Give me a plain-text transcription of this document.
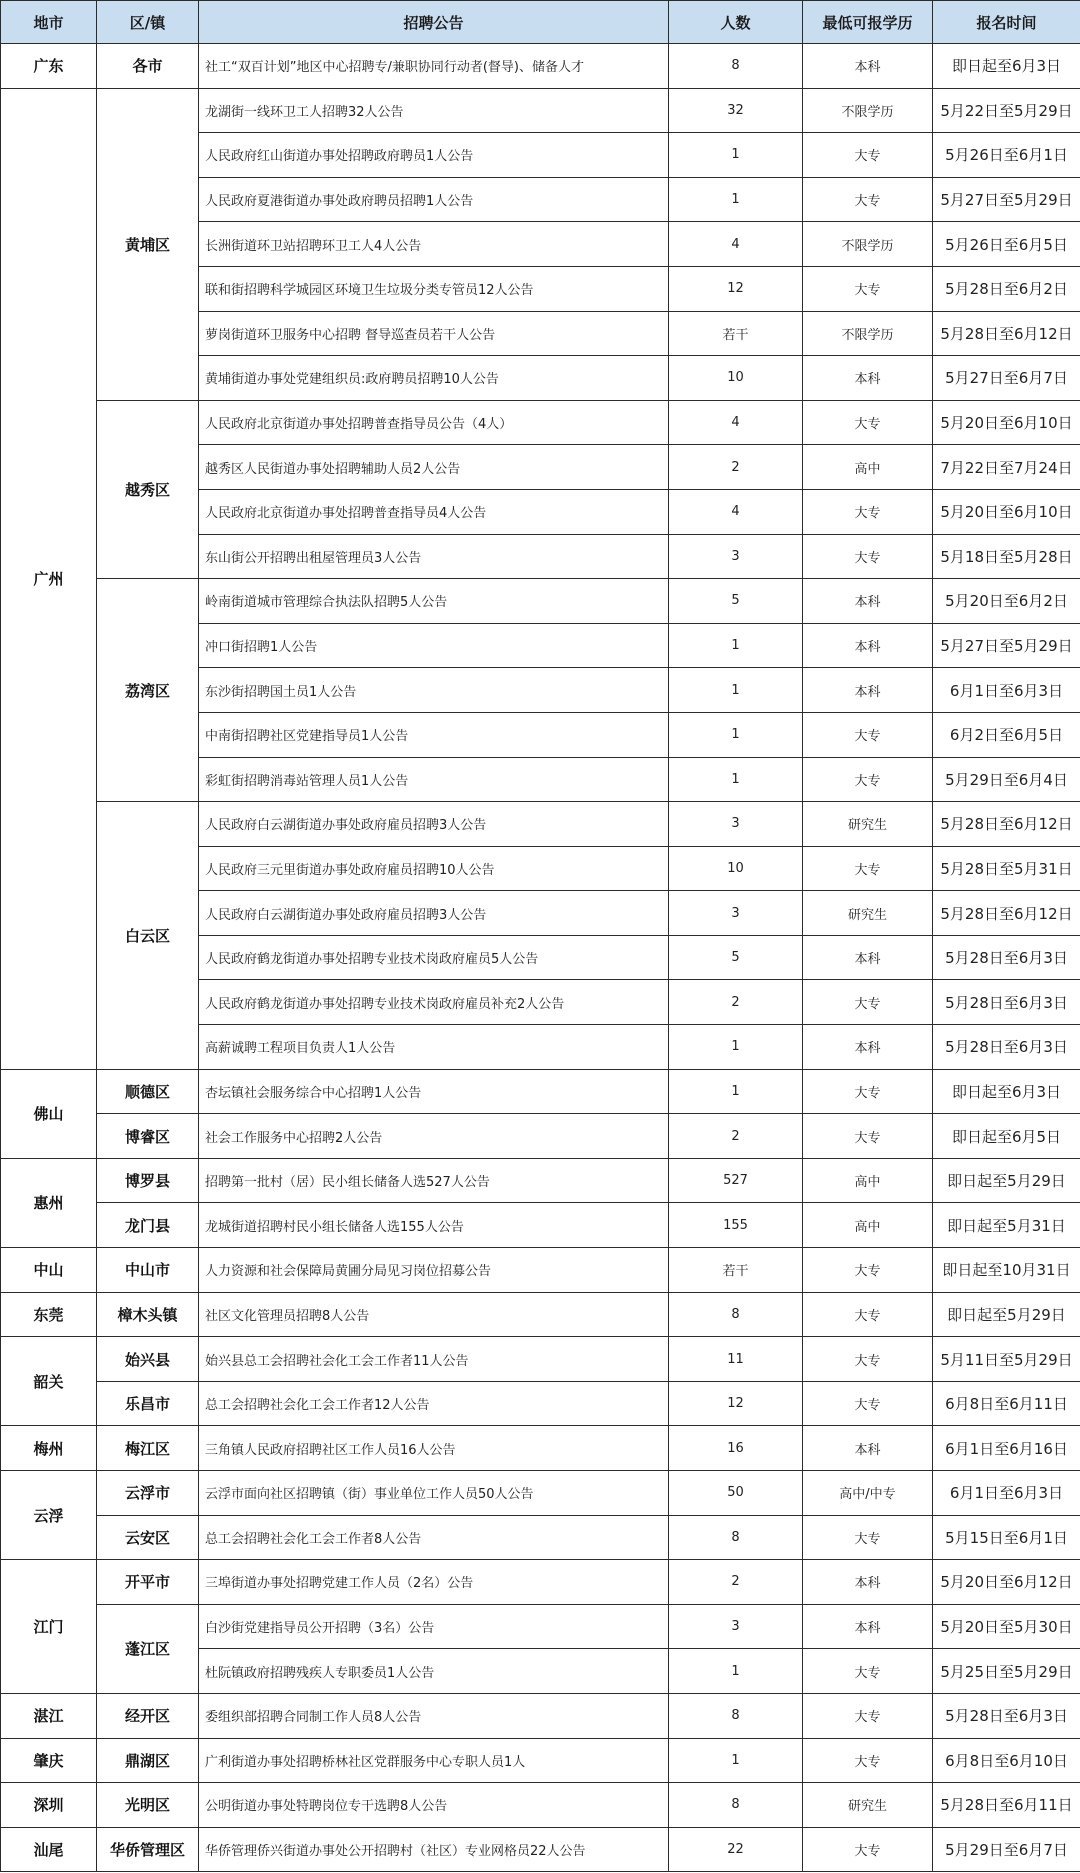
地市	区/镇	招聘公告	人数	最低可报学历	报名时间
广东	各市	社工“双百计划”地区中心招聘专/兼职协同行动者(督导)、储备人才	8	本科	即日起至6月3日
广州	黄埔区	龙湖街一线环卫工人招聘32人公告	32	不限学历	5月22日至5月29日
		人民政府红山街道办事处招聘政府聘员1人公告	1	大专	5月26日至6月1日
		人民政府夏港街道办事处政府聘员招聘1人公告	1	大专	5月27日至5月29日
		长洲街道环卫站招聘环卫工人4人公告	4	不限学历	5月26日至6月5日
		联和街招聘科学城园区环境卫生垃圾分类专管员12人公告	12	大专	5月28日至6月2日
		萝岗街道环卫服务中心招聘 督导巡查员若干人公告	若干	不限学历	5月28日至6月12日
		黄埔街道办事处党建组织员:政府聘员招聘10人公告	10	本科	5月27日至6月7日
	越秀区	人民政府北京街道办事处招聘普查指导员公告（4人）	4	大专	5月20日至6月10日
		越秀区人民街道办事处招聘辅助人员2人公告	2	高中	7月22日至7月24日
		人民政府北京街道办事处招聘普查指导员4人公告	4	大专	5月20日至6月10日
		东山街公开招聘出租屋管理员3人公告	3	大专	5月18日至5月28日
	荔湾区	岭南街道城市管理综合执法队招聘5人公告	5	本科	5月20日至6月2日
		冲口街招聘1人公告	1	本科	5月27日至5月29日
		东沙街招聘国土员1人公告	1	本科	6月1日至6月3日
		中南街招聘社区党建指导员1人公告	1	大专	6月2日至6月5日
		彩虹街招聘消毒站管理人员1人公告	1	大专	5月29日至6月4日
	白云区	人民政府白云湖街道办事处政府雇员招聘3人公告	3	研究生	5月28日至6月12日
		人民政府三元里街道办事处政府雇员招聘10人公告	10	大专	5月28日至5月31日
		人民政府白云湖街道办事处政府雇员招聘3人公告	3	研究生	5月28日至6月12日
		人民政府鹤龙街道办事处招聘专业技术岗政府雇员5人公告	5	本科	5月28日至6月3日
		人民政府鹤龙街道办事处招聘专业技术岗政府雇员补充2人公告	2	大专	5月28日至6月3日
		高薪诚聘工程项目负责人1人公告	1	本科	5月28日至6月3日
佛山	顺德区	杏坛镇社会服务综合中心招聘1人公告	1	大专	即日起至6月3日
	博睿区	社会工作服务中心招聘2人公告	2	大专	即日起至6月5日
惠州	博罗县	招聘第一批村（居）民小组长储备人选527人公告	527	高中	即日起至5月29日
	龙门县	龙城街道招聘村民小组长储备人选155人公告	155	高中	即日起至5月31日
中山	中山市	人力资源和社会保障局黄圃分局见习岗位招募公告	若干	大专	即日起至10月31日
东莞	樟木头镇	社区文化管理员招聘8人公告	8	大专	即日起至5月29日
韶关	始兴县	始兴县总工会招聘社会化工会工作者11人公告	11	大专	5月11日至5月29日
	乐昌市	总工会招聘社会化工会工作者12人公告	12	大专	6月8日至6月11日
梅州	梅江区	三角镇人民政府招聘社区工作人员16人公告	16	本科	6月1日至6月16日
云浮	云浮市	云浮市面向社区招聘镇（街）事业单位工作人员50人公告	50	高中/中专	6月1日至6月3日
	云安区	总工会招聘社会化工会工作者8人公告	8	大专	5月15日至6月1日
江门	开平市	三埠街道办事处招聘党建工作人员（2名）公告	2	本科	5月20日至6月12日
	蓬江区	白沙街党建指导员公开招聘（3名）公告	3	本科	5月20日至5月30日
		杜阮镇政府招聘残疾人专职委员1人公告	1	大专	5月25日至5月29日
湛江	经开区	委组织部招聘合同制工作人员8人公告	8	大专	5月28日至6月3日
肇庆	鼎湖区	广利街道办事处招聘桥林社区党群服务中心专职人员1人	1	大专	6月8日至6月10日
深圳	光明区	公明街道办事处特聘岗位专干选聘8人公告	8	研究生	5月28日至6月11日
汕尾	华侨管理区	华侨管理侨兴街道办事处公开招聘村（社区）专业网格员22人公告	22	大专	5月29日至6月7日
